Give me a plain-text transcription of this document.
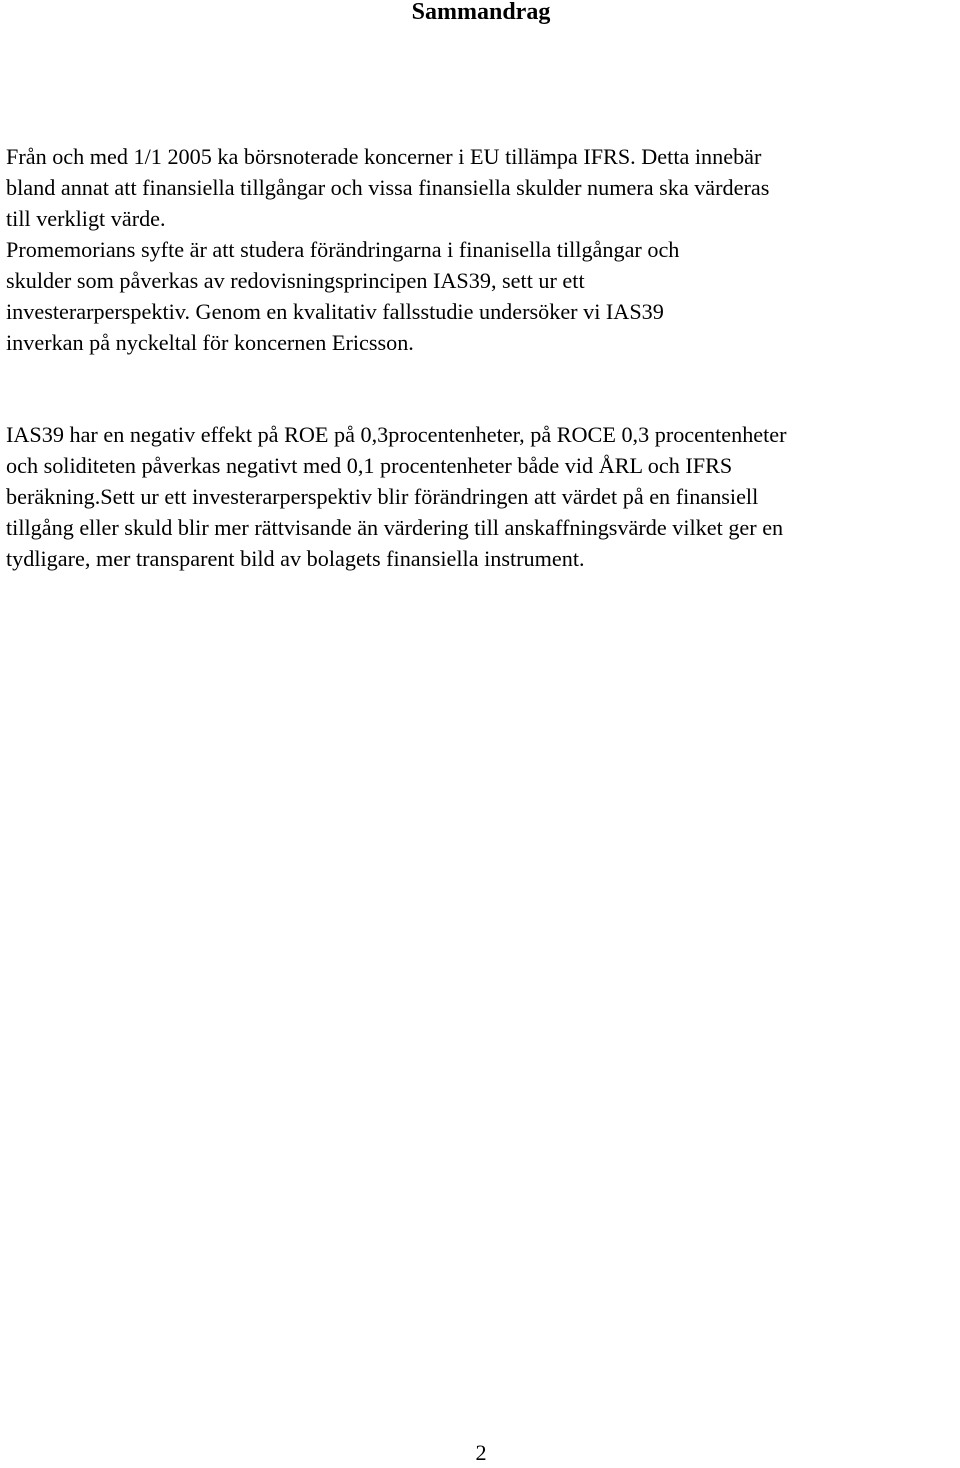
Sammandrag

Från och med 1/1 2005 ka börsnoterade koncerner i EU tillämpa IFRS. Detta innebär

bland annat att finansiella tillgångar och vissa finansiella skulder numera ska värderas

till verkligt värde.

Promemorians syfte är att studera förändringarna i finanisella tillgångar och

skulder som påverkas av redovisningsprincipen IAS39, sett ur ett

investerarperspektiv. Genom en kvalitativ fallsstudie undersöker vi IAS39

inverkan på nyckeltal för koncernen Ericsson.

IAS39 har en negativ effekt på ROE på 0,3procentenheter, på ROCE 0,3 procentenheter

och soliditeten påverkas negativt med 0,1 procentenheter både vid ÅRL och IFRS

beräkning.Sett ur ett investerarperspektiv blir förändringen att värdet på en finansiell

tillgång eller skuld blir mer rättvisande än värdering till anskaffningsvärde vilket ger en

tydligare, mer transparent bild av bolagets finansiella instrument.

2
